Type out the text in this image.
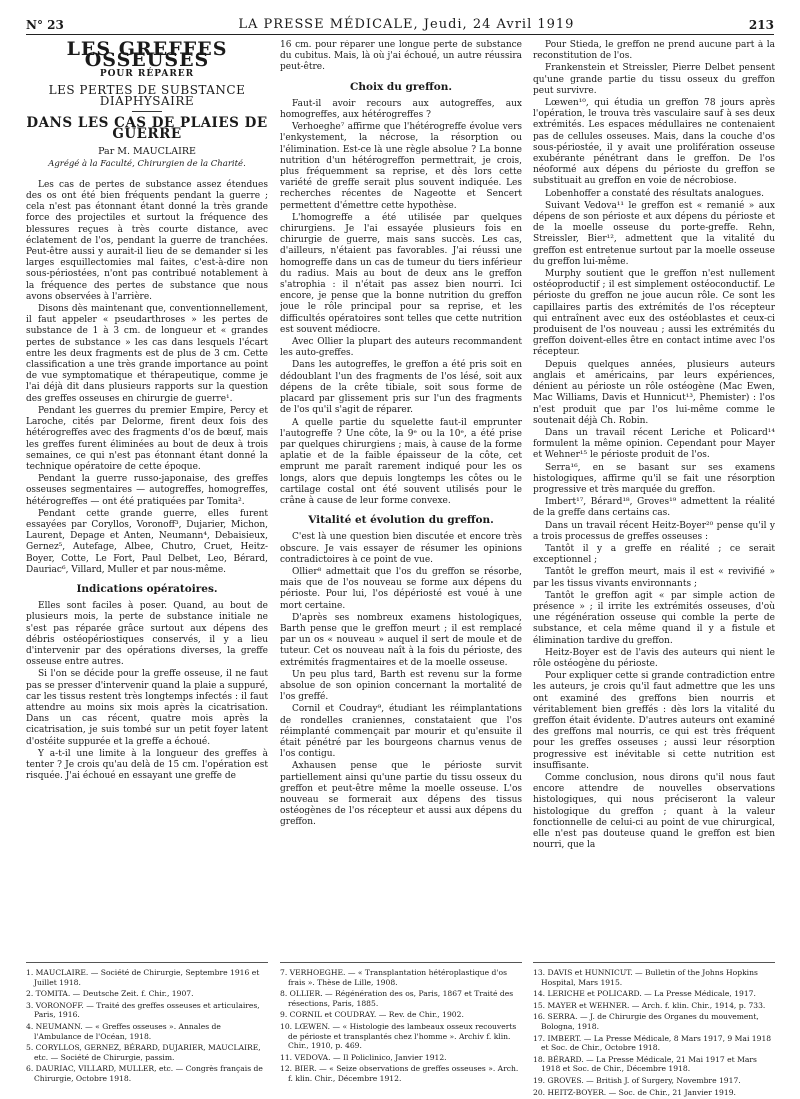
N° 23	LA PRESSE MÉDICALE, Jeudi, 24 Avril 1919	213
LES GREFFES OSSEUSES
POUR RÉPARER
LES PERTES DE SUBSTANCE DIAPHYSAIRE
DANS LES CAS DE PLAIES DE GUERRE
Par M. MAUCLAIRE
Agrégé à la Faculté, Chirurgien de la Charité.

Les cas de pertes de substance assez étendues des os ont été bien fréquents pendant la guerre ; cela n'est pas étonnant étant donné la très grande force des projectiles et surtout la fréquence des blessures reçues à très courte distance, avec éclatement de l'os, pendant la guerre de tranchées. Peut-être aussi y aurait-il lieu de se demander si les larges esquillectomies mal faites, c'est-à-dire non sous-périostées, n'ont pas contribué notablement à la fréquence des pertes de substance que nous avons observées à l'arrière.

Disons dès maintenant que, conventionnellement, il faut appeler « pseudarthroses » les pertes de substance de 1 à 3 cm. de longueur et « grandes pertes de substance » les cas dans lesquels l'écart entre les deux fragments est de plus de 3 cm. Cette classification a une très grande importance au point de vue symptomatique et thérapeutique, comme je l'ai déjà dit dans plusieurs rapports sur la question des greffes osseuses en chirurgie de guerre¹.

Pendant les guerres du premier Empire, Percy et Laroche, cités par Delorme, firent deux fois des hétérogreffes avec des fragments d'os de bœuf, mais les greffes furent éliminées au bout de deux à trois semaines, ce qui n'est pas étonnant étant donné la technique opératoire de cette époque.

Pendant la guerre russo-japonaise, des greffes osseuses segmentaires — autogreffes, homogreffes, hétérogreffes — ont été pratiquées par Tomita².

Pendant cette grande guerre, elles furent essayées par Coryllos, Voronoff³, Dujarier, Michon, Laurent, Depage et Anten, Neumann⁴, Debaisieux, Gernez⁵, Autefage, Albee, Chutro, Cruet, Heitz-Boyer, Cotte, Le Fort, Paul Delbet, Leo, Bérard, Dauriac⁶, Villard, Muller et par nous-même.

Indications opératoires.

Elles sont faciles à poser. Quand, au bout de plusieurs mois, la perte de substance initiale ne s'est pas réparée grâce surtout aux dépens des débris ostéopériostiques conservés, il y a lieu d'intervenir par des opérations diverses, la greffe osseuse entre autres.

Si l'on se décide pour la greffe osseuse, il ne faut pas se presser d'intervenir quand la plaie a suppuré, car les tissus restent très longtemps infectés : il faut attendre au moins six mois après la cicatrisation. Dans un cas récent, quatre mois après la cicatrisation, je suis tombé sur un petit foyer latent d'ostéite suppurée et la greffe a échoué.

Y a-t-il une limite à la longueur des greffes à tenter ? Je crois qu'au delà de 15 cm. l'opération est risquée. J'ai échoué en essayant une greffe de

16 cm. pour réparer une longue perte de substance du cubitus. Mais, là où j'ai échoué, un autre réussira peut-être.

Choix du greffon.

Faut-il avoir recours aux autogreffes, aux homogreffes, aux hétérogreffes ?

Verhoeghe⁷ affirme que l'hétérogreffe évolue vers l'enkystement, la nécrose, la résorption ou l'élimination. Est-ce là une règle absolue ? La bonne nutrition d'un hétérogreffon permettrait, je crois, plus fréquemment sa reprise, et dès lors cette variété de greffe serait plus souvent indiquée. Les recherches récentes de Nageotte et Sencert permettent d'émettre cette hypothèse.

L'homogreffe a été utilisée par quelques chirurgiens. Je l'ai essayée plusieurs fois en chirurgie de guerre, mais sans succès. Les cas, d'ailleurs, n'étaient pas favorables. J'ai réussi une homogreffe dans un cas de tumeur du tiers inférieur du radius. Mais au bout de deux ans le greffon s'atrophia : il n'était pas assez bien nourri. Ici encore, je pense que la bonne nutrition du greffon joue le rôle principal pour sa reprise, et les difficultés opératoires sont telles que cette nutrition est souvent médiocre.

Avec Ollier la plupart des auteurs recommandent les auto-greffes.

Dans les autogreffes, le greffon a été pris soit en dédoublant l'un des fragments de l'os lésé, soit aux dépens de la crête tibiale, soit sous forme de placard par glissement pris sur l'un des fragments de l'os qu'il s'agit de réparer.

A quelle partie du squelette faut-il emprunter l'autogreffe ? Une côte, la 9ᵉ ou la 10ᵉ, a été prise par quelques chirurgiens ; mais, à cause de la forme aplatie et de la faible épaisseur de la côte, cet emprunt me paraît rarement indiqué pour les os longs, alors que depuis longtemps les côtes ou le cartilage costal ont été souvent utilisés pour le crâne à cause de leur forme convexe.

Vitalité et évolution du greffon.

C'est là une question bien discutée et encore très obscure. Je vais essayer de résumer les opinions contradictoires à ce point de vue.

Ollier⁸ admettait que l'os du greffon se résorbe, mais que de l'os nouveau se forme aux dépens du périoste. Pour lui, l'os dépériosté est voué à une mort certaine.

D'après ses nombreux examens histologiques, Barth pense que le greffon meurt ; il est remplacé par un os « nouveau » auquel il sert de moule et de tuteur. Cet os nouveau naît à la fois du périoste, des extrémités fragmentaires et de la moelle osseuse.

Un peu plus tard, Barth est revenu sur la forme absolue de son opinion concernant la mortalité de l'os greffé.

Cornil et Coudray⁹, étudiant les réimplantations de rondelles craniennes, constataient que l'os réimplanté commençait par mourir et qu'ensuite il était pénétré par les bourgeons charnus venus de l'os contigu.

Axhausen pense que le périoste survit partiellement ainsi qu'une partie du tissu osseux du greffon et peut-être même la moelle osseuse. L'os nouveau se formerait aux dépens des tissus ostéogènes de l'os récepteur et aussi aux dépens du greffon.

Pour Stieda, le greffon ne prend aucune part à la reconstitution de l'os.

Frankenstein et Streissler, Pierre Delbet pensent qu'une grande partie du tissu osseux du greffon peut survivre.

Lœwen¹⁰, qui étudia un greffon 78 jours après l'opération, le trouva très vasculaire sauf à ses deux extrémités. Les espaces médullaires ne contenaient pas de cellules osseuses. Mais, dans la couche d'os sous-périostée, il y avait une prolifération osseuse exubérante pénétrant dans le greffon. De l'os néoformé aux dépens du périoste du greffon se substituait au greffon en voie de nécrobiose.

Lobenhoffer a constaté des résultats analogues.

Suivant Vedova¹¹ le greffon est « remanié » aux dépens de son périoste et aux dépens du périoste et de la moelle osseuse du porte-greffe. Rehn, Streissler, Bier¹², admettent que la vitalité du greffon est entretenue surtout par la moelle osseuse du greffon lui-même.

Murphy soutient que le greffon n'est nullement ostéoproductif ; il est simplement ostéoconductif. Le périoste du greffon ne joue aucun rôle. Ce sont les capillaires partis des extrémités de l'os récepteur qui entraînent avec eux des ostéoblastes et ceux-ci produisent de l'os nouveau ; aussi les extrémités du greffon doivent-elles être en contact intime avec l'os récepteur.

Depuis quelques années, plusieurs auteurs anglais et américains, par leurs expériences, dénient au périoste un rôle ostéogène (Mac Ewen, Mac Williams, Davis et Hunnicut¹³, Phemister) : l'os n'est produit que par l'os lui-même comme le soutenait déjà Ch. Robin.

Dans un travail récent Leriche et Policard¹⁴ formulent la même opinion. Cependant pour Mayer et Wehner¹⁵ le périoste produit de l'os.

Serra¹⁶, en se basant sur ses examens histologiques, affirme qu'il se fait une résorption progressive et très marquée du greffon.

Imbert¹⁷, Bérard¹⁸, Groves¹⁹ admettent la réalité de la greffe dans certains cas.

Dans un travail récent Heitz-Boyer²⁰ pense qu'il y a trois processus de greffes osseuses :

Tantôt il y a greffe en réalité ; ce serait exceptionnel ;

Tantôt le greffon meurt, mais il est « revivifié » par les tissus vivants environnants ;

Tantôt le greffon agit « par simple action de présence » ; il irrite les extrémités osseuses, d'où une régénération osseuse qui comble la perte de substance, et cela même quand il y a fistule et élimination tardive du greffon.

Heitz-Boyer est de l'avis des auteurs qui nient le rôle ostéogène du périoste.

Pour expliquer cette si grande contradiction entre les auteurs, je crois qu'il faut admettre que les uns ont examiné des greffons bien nourris et véritablement bien greffés : dès lors la vitalité du greffon était évidente. D'autres auteurs ont examiné des greffons mal nourris, ce qui est très fréquent pour les greffes osseuses ; aussi leur résorption progressive est inévitable si cette nutrition est insuffisante.

Comme conclusion, nous dirons qu'il nous faut encore attendre de nouvelles observations histologiques, qui nous préciseront la valeur histologique du greffon ; quant à la valeur fonctionnelle de celui-ci au point de vue chirurgical, elle n'est pas douteuse quand le greffon est bien nourri, que la

1. MAUCLAIRE. — Société de Chirurgie, Septembre 1916 et Juillet 1918.
2. TOMITA. — Deutsche Zeit. f. Chir., 1907.
3. VORONOFF. — Traité des greffes osseuses et articulaires, Paris, 1916.
4. NEUMANN. — « Greffes osseuses ». Annales de l'Ambulance de l'Océan, 1918.
5. CORYLLOS, GERNEZ, BÉRARD, DUJARIER, MAUCLAIRE, etc. — Société de Chirurgie, passim.
6. DAURIAC, VILLARD, MULLER, etc. — Congrès français de Chirurgie, Octobre 1918.
7. VERHOEGHE. — « Transplantation hétéroplastique d'os frais ». Thèse de Lille, 1908.
8. OLLIER. — Régénération des os, Paris, 1867 et Traité des résections, Paris, 1885.
9. CORNIL et COUDRAY. — Rev. de Chir., 1902.
10. LŒWEN. — « Histologie des lambeaux osseux recouverts de périoste et transplantés chez l'homme ». Archiv f. klin. Chir., 1910, p. 469.
11. VEDOVA. — Il Policlinico, Janvier 1912.
12. BIER. — « Seize observations de greffes osseuses ». Arch. f. klin. Chir., Décembre 1912.
13. DAVIS et HUNNICUT. — Bulletin of the Johns Hopkins Hospital, Mars 1915.
14. LERICHE et POLICARD. — La Presse Médicale, 1917.
15. MAYER et WEHNER. — Arch. f. klin. Chir., 1914, p. 733.
16. SERRA. — J. de Chirurgie des Organes du mouvement, Bologna, 1918.
17. IMBERT. — La Presse Médicale, 8 Mars 1917, 9 Mai 1918 et Soc. de Chir., Octobre 1918.
18. BÉRARD. — La Presse Médicale, 21 Mai 1917 et Mars 1918 et Soc. de Chir., Décembre 1918.
19. GROVES. — British J. of Surgery, Novembre 1917.
20. HEITZ-BOYER. — Soc. de Chir., 21 Janvier 1919.
